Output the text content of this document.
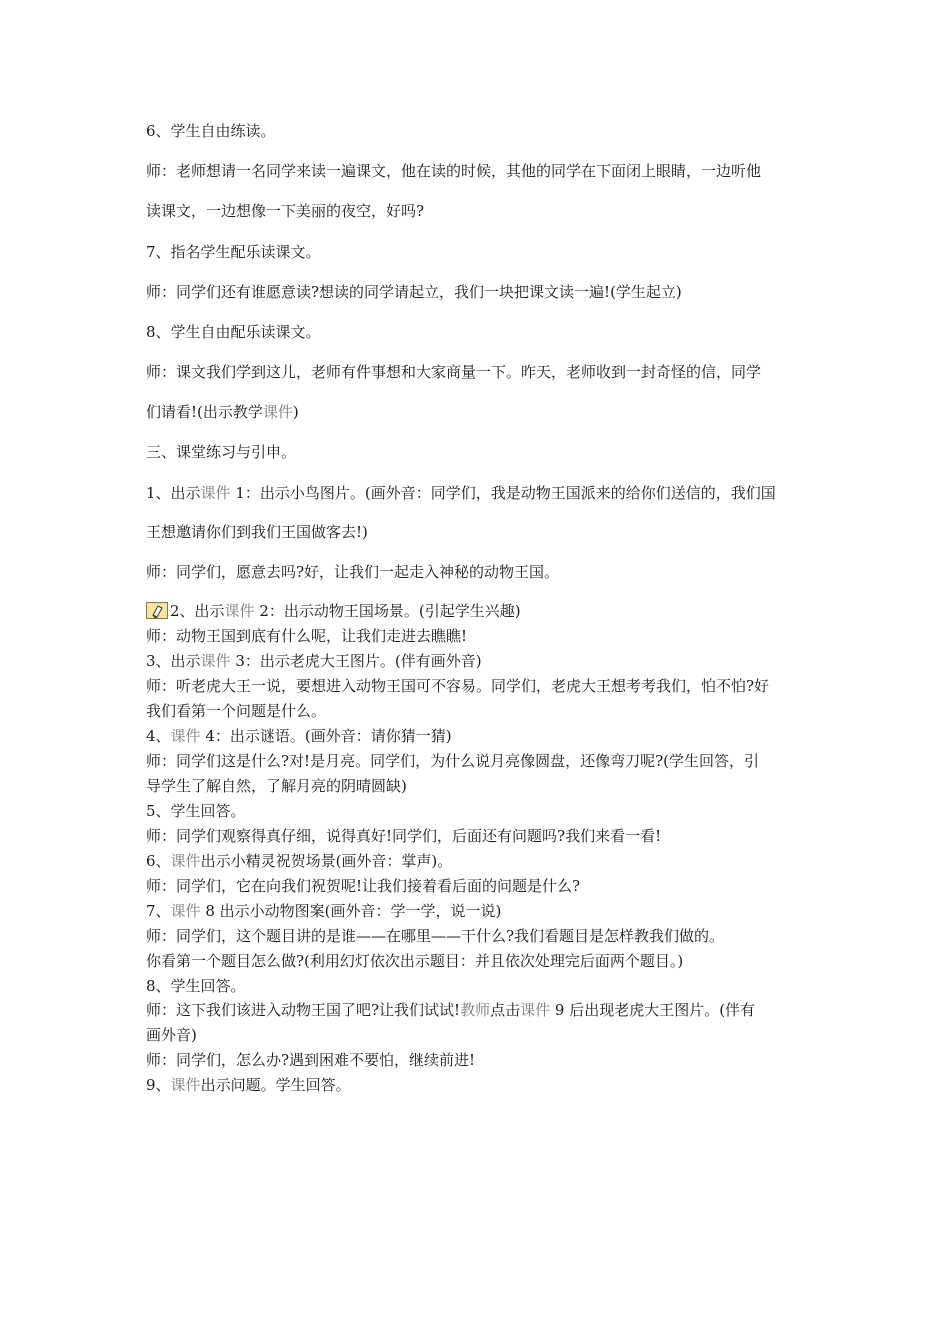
6、学生自由练读。
师：老师想请一名同学来读一遍课文，他在读的时候，其他的同学在下面闭上眼睛，一边听他
读课文，一边想像一下美丽的夜空，好吗?
7、指名学生配乐读课文。
师：同学们还有谁愿意读?想读的同学请起立，我们一块把课文读一遍!(学生起立)
8、学生自由配乐读课文。
师：课文我们学到这儿，老师有件事想和大家商量一下。昨天，老师收到一封奇怪的信，同学
们请看!(出示教学课件)
三、课堂练习与引申。
1、出示课件 1：出示小鸟图片。(画外音：同学们，我是动物王国派来的给你们送信的，我们国
王想邀请你们到我们王国做客去!)
师：同学们，愿意去吗?好，让我们一起走入神秘的动物王国。
2、出示课件 2：出示动物王国场景。(引起学生兴趣)
师：动物王国到底有什么呢，让我们走进去瞧瞧!
3、出示课件 3：出示老虎大王图片。(伴有画外音)
师：听老虎大王一说，要想进入动物王国可不容易。同学们，老虎大王想考考我们，怕不怕?好
我们看第一个问题是什么。
4、课件 4：出示谜语。(画外音：请你猜一猜)
师：同学们这是什么?对!是月亮。同学们，为什么说月亮像圆盘，还像弯刀呢?(学生回答，引
导学生了解自然，了解月亮的阴晴圆缺)
5、学生回答。
师：同学们观察得真仔细，说得真好!同学们，后面还有问题吗?我们来看一看!
6、课件出示小精灵祝贺场景(画外音：掌声)。
师：同学们，它在向我们祝贺呢!让我们接着看后面的问题是什么?
7、课件 8 出示小动物图案(画外音：学一学，说一说)
师：同学们，这个题目讲的是谁——在哪里——干什么?我们看题目是怎样教我们做的。
你看第一个题目怎么做?(利用幻灯依次出示题目：并且依次处理完后面两个题目。)
8、学生回答。
师：这下我们该进入动物王国了吧?让我们试试!教师点击课件 9 后出现老虎大王图片。(伴有
画外音)
师：同学们，怎么办?遇到困难不要怕，继续前进!
9、课件出示问题。学生回答。
